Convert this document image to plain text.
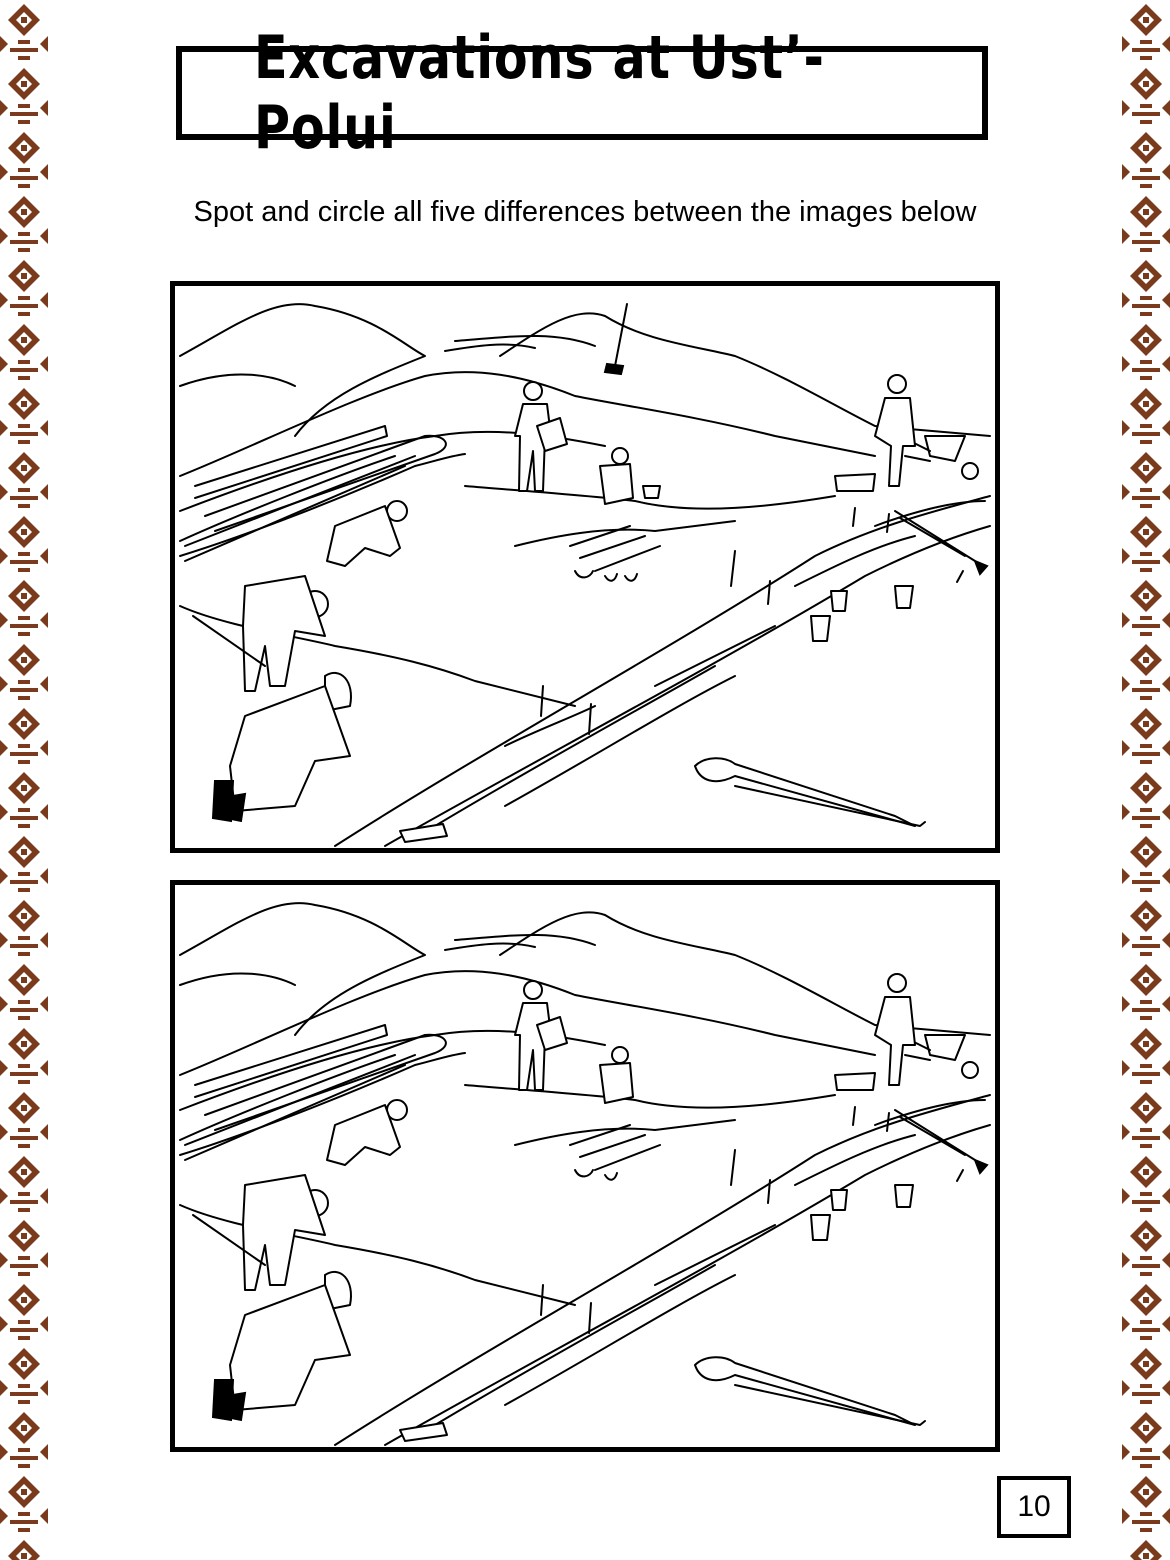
Excavations at Ust’-Polui
Spot and circle all five differences between the images below
10
